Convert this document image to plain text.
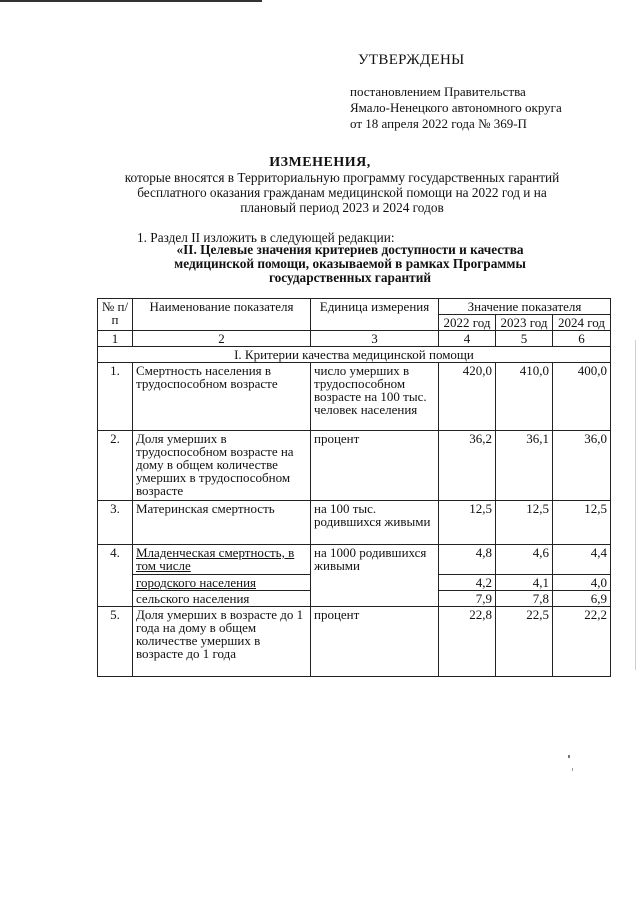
УТВЕРЖДЕНЫ
постановлением Правительства
Ямало-Ненецкого автономного округа
от 18 апреля 2022 года № 369-П
ИЗМЕНЕНИЯ,
которые вносятся в Территориальную программу государственных гарантий
бесплатного оказания гражданам медицинской помощи на 2022 год и на
плановый период 2023 и 2024 годов
1. Раздел II изложить в следующей редакции:
«II. Целевые значения критериев доступности и качества
медицинской помощи, оказываемой в рамках Программы
государственных гарантий
№ п/п	Наименование показателя	Единица измерения	Значение показателя		
			2022 год	2023 год	2024 год
1	2	3	4	5	6
I. Критерии качества медицинской помощи					
1.	Смертность населения в трудоспособном возрасте	число умерших в трудоспособном возрасте на 100 тыс. человек населения	420,0	410,0	400,0
2.	Доля умерших в трудоспособном возрасте на дому в общем количестве умерших в трудоспособном возрасте	процент	36,2	36,1	36,0
3.	Материнская смертность	на 100 тыс. родившихся живыми	12,5	12,5	12,5
4.	Младенческая смертность, в том числе	на 1000 родившихся живыми	4,8	4,6	4,4
	городского населения		4,2	4,1	4,0
	сельского населения		7,9	7,8	6,9
5.	Доля умерших в возрасте до 1 года на дому в общем количестве умерших в возрасте до 1 года	процент	22,8	22,5	22,2
